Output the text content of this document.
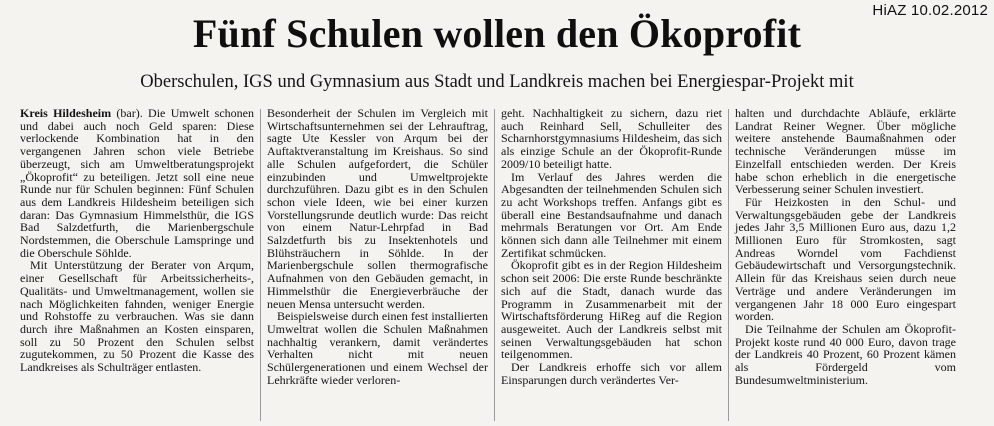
HiAZ 10.02.2012
Fünf Schulen wollen den Ökoprofit
Oberschulen, IGS und Gymnasium aus Stadt und Landkreis machen bei Energiespar-Projekt mit

Kreis Hildesheim (bar). Die Umwelt schonen und dabei auch noch Geld sparen: Diese verlockende Kombination hat in den vergangenen Jahren schon viele Betriebe überzeugt, sich am Umweltberatungsprojekt „Ökoprofit“ zu beteiligen. Jetzt soll eine neue Runde nur für Schulen beginnen: Fünf Schulen aus dem Landkreis Hildesheim beteiligen sich daran: Das Gymnasium Himmelsthür, die IGS Bad Salzdetfurth, die Marienbergschule Nordstemmen, die Oberschule Lamspringe und die Oberschule Söhlde.

Mit Unterstützung der Berater von Arqum, einer Gesellschaft für Arbeitssicherheits-, Qualitäts- und Umweltmanagement, wollen sie nach Möglichkeiten fahnden, weniger Energie und Rohstoffe zu verbrauchen. Was sie dann durch ihre Maßnahmen an Kosten einsparen, soll zu 50 Prozent den Schulen selbst zugutekommen, zu 50 Prozent die Kasse des Landkreises als Schulträger entlasten.

Besonderheit der Schulen im Vergleich mit Wirtschaftsunternehmen sei der Lehrauftrag, sagte Ute Kessler von Arqum bei der Auftaktveranstaltung im Kreishaus. So sind alle Schulen aufgefordert, die Schüler einzubinden und Umweltprojekte durchzuführen. Dazu gibt es in den Schulen schon viele Ideen, wie bei einer kurzen Vorstellungsrunde deutlich wurde: Das reicht von einem Natur-Lehrpfad in Bad Salzdetfurth bis zu Insektenhotels und Blühsträuchern in Söhlde. In der Marienbergschule sollen thermografische Aufnahmen von den Gebäuden gemacht, in Himmelsthür die Energieverbräuche der neuen Mensa untersucht werden.

Beispielsweise durch einen fest installierten Umweltrat wollen die Schulen Maßnahmen nachhaltig verankern, damit verändertes Verhalten nicht mit neuen Schülergenerationen und einem Wechsel der Lehrkräfte wieder verloren-

geht. Nachhaltigkeit zu sichern, dazu riet auch Reinhard Sell, Schulleiter des Scharnhorstgymnasiums Hildesheim, das sich als einzige Schule an der Ökoprofit-Runde 2009/10 beteiligt hatte.

Im Verlauf des Jahres werden die Abgesandten der teilnehmenden Schulen sich zu acht Workshops treffen. Anfangs gibt es überall eine Bestandsaufnahme und danach mehrmals Beratungen vor Ort. Am Ende können sich dann alle Teilnehmer mit einem Zertifikat schmücken.

Ökoprofit gibt es in der Region Hildesheim schon seit 2006: Die erste Runde beschränkte sich auf die Stadt, danach wurde das Programm in Zusammenarbeit mit der Wirtschaftsförderung HiReg auf die Region ausgeweitet. Auch der Landkreis selbst mit seinen Verwaltungsgebäuden hat schon teilgenommen.

Der Landkreis erhoffe sich vor allem Einsparungen durch verändertes Ver-

halten und durchdachte Abläufe, erklärte Landrat Reiner Wegner. Über mögliche weitere anstehende Baumaßnahmen oder technische Veränderungen müsse im Einzelfall entschieden werden. Der Kreis habe schon erheblich in die energetische Verbesserung seiner Schulen investiert.

Für Heizkosten in den Schul- und Verwaltungsgebäuden gebe der Landkreis jedes Jahr 3,5 Millionen Euro aus, dazu 1,2 Millionen Euro für Stromkosten, sagt Andreas Worndel vom Fachdienst Gebäudewirtschaft und Versorgungstechnik. Allein für das Kreishaus seien durch neue Verträge und andere Veränderungen im vergangenen Jahr 18 000 Euro eingespart worden.

Die Teilnahme der Schulen am Ökoprofit-Projekt koste rund 40 000 Euro, davon trage der Landkreis 40 Prozent, 60 Prozent kämen als Fördergeld vom Bundesumweltministerium.
